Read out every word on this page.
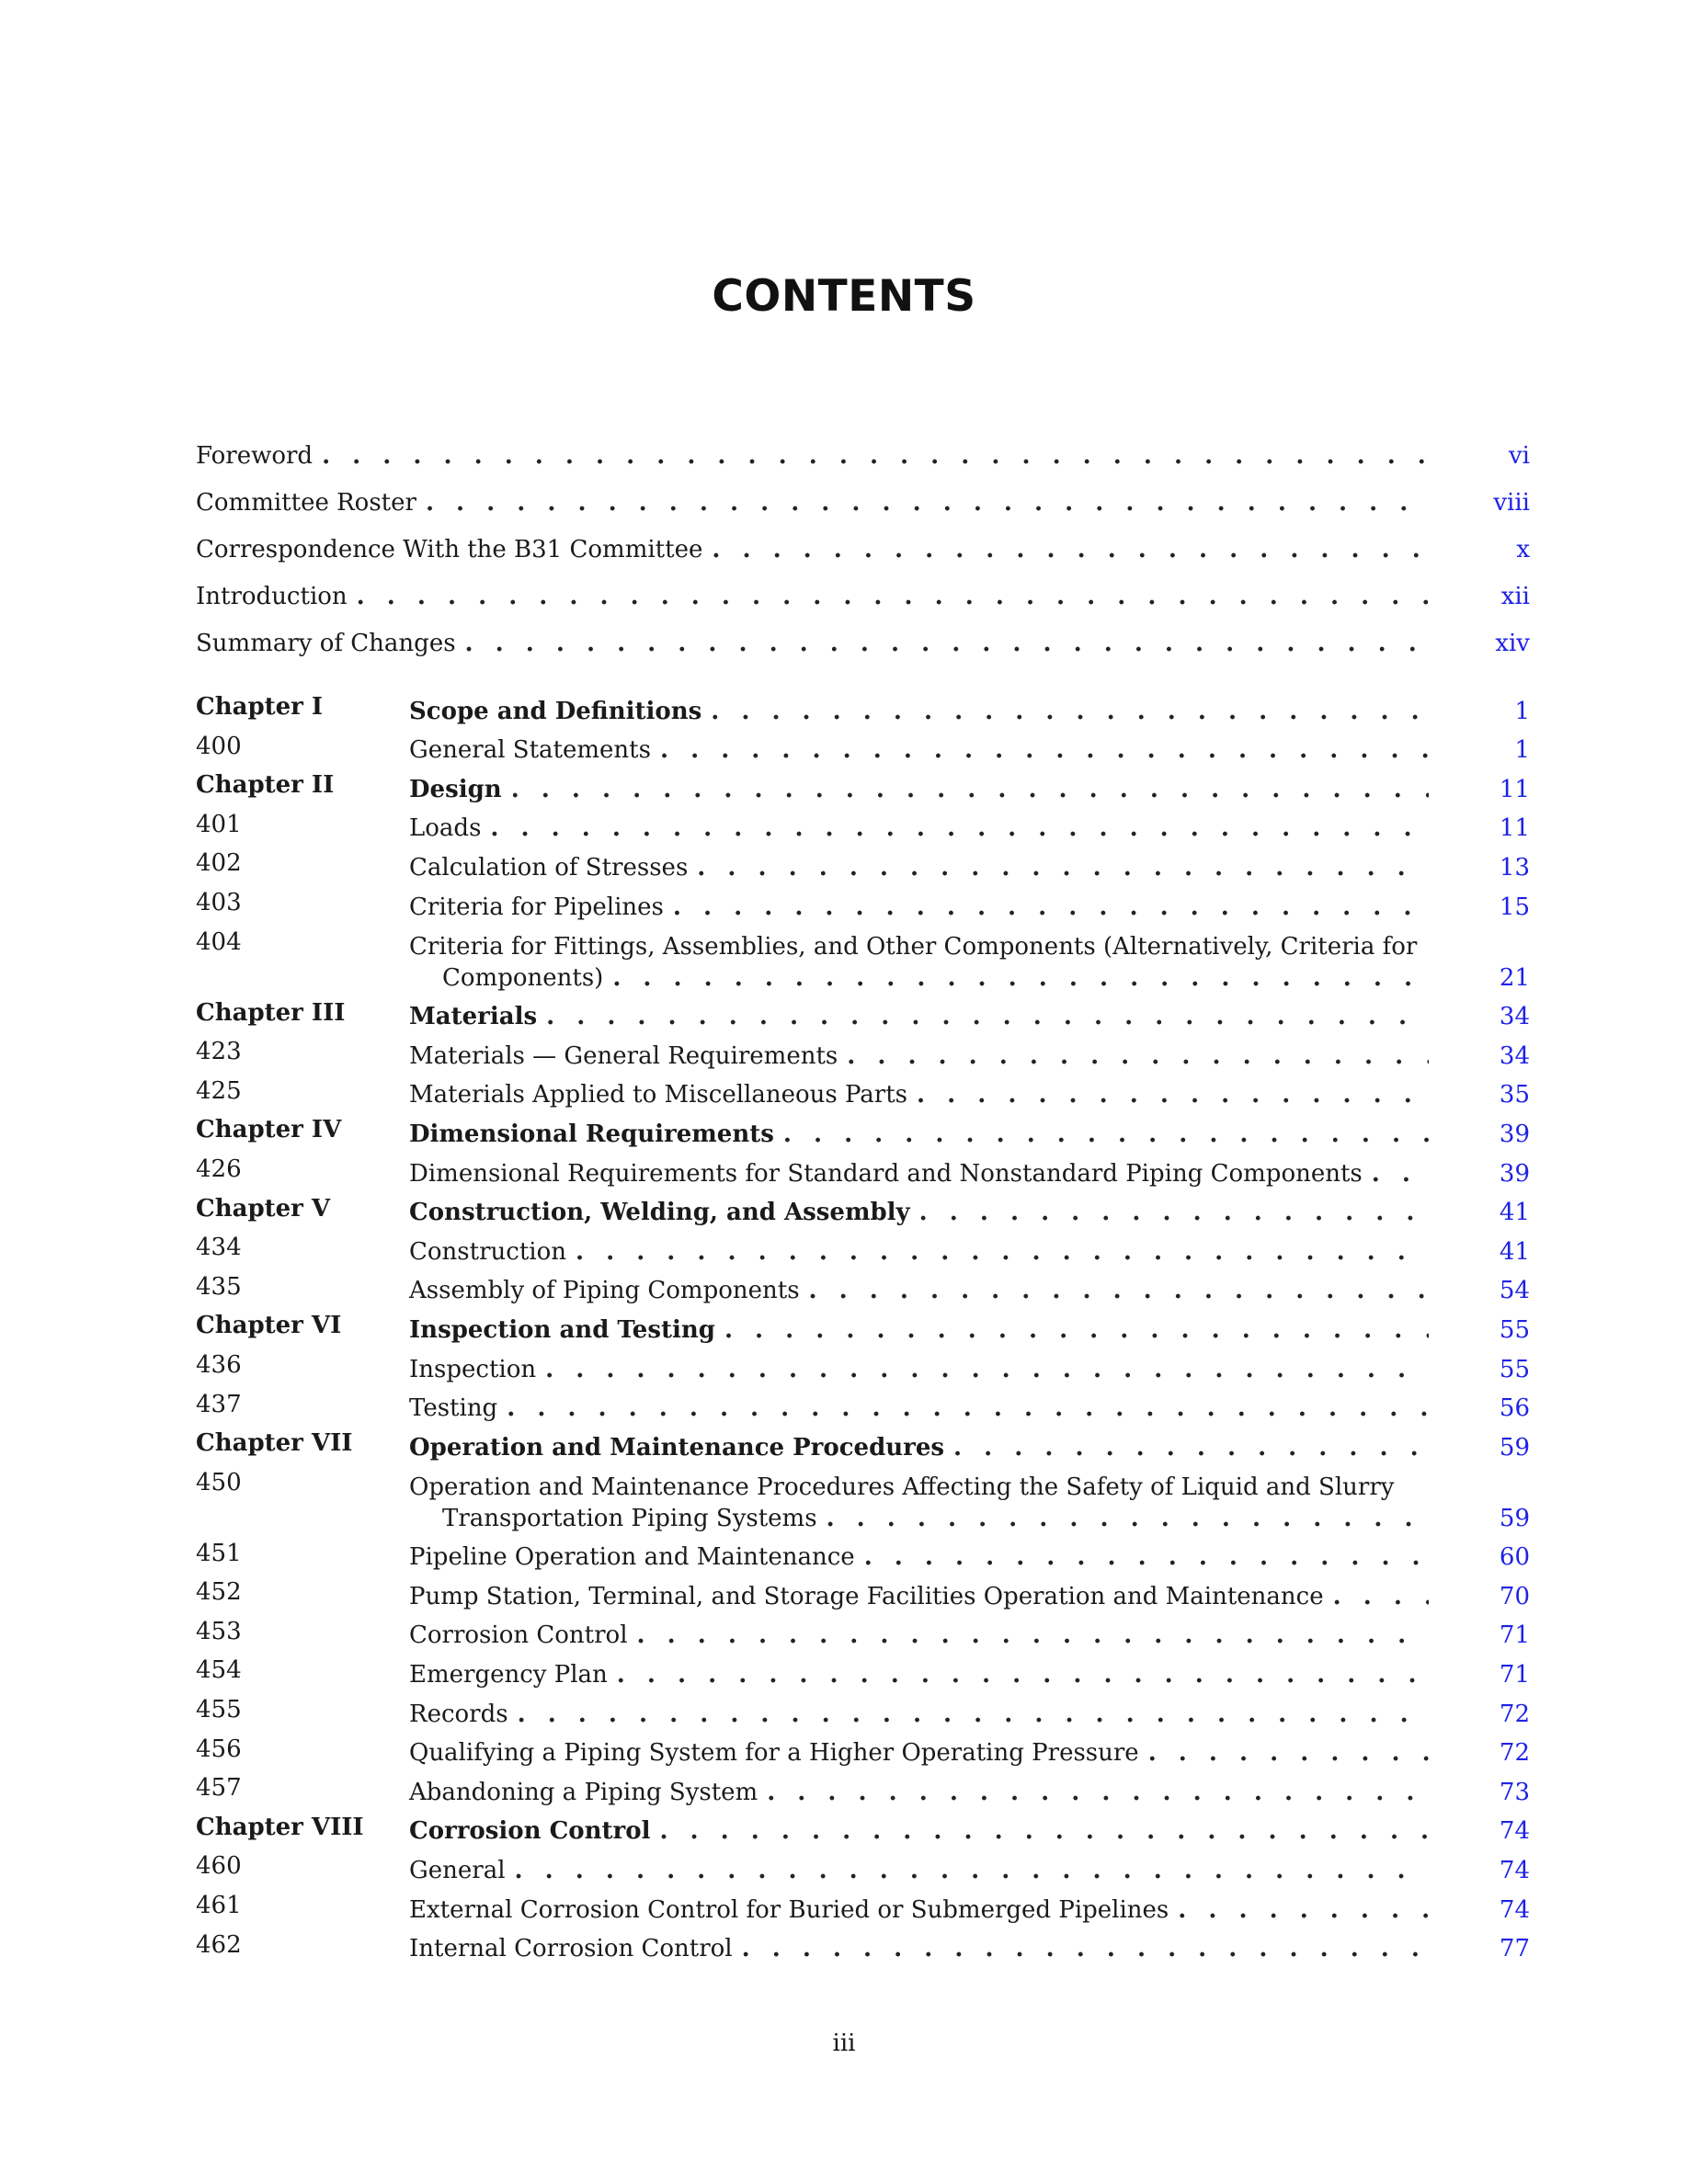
CONTENTS
Foreword . . .	vi
Committee Roster . . .	viii
Correspondence With the B31 Committee . . .	x
Introduction . . .	xii
Summary of Changes . . .	xiv
Chapter I	Scope and Definitions . . .	1
400	General Statements . . .	1
Chapter II	Design . . .	11
401	Loads . . .	11
402	Calculation of Stresses . . .	13
403	Criteria for Pipelines . . .	15
404	Criteria for Fittings, Assemblies, and Other Components (Alternatively, Criteria for
Components) . . .	21
Chapter III	Materials . . .	34
423	Materials — General Requirements . . .	34
425	Materials Applied to Miscellaneous Parts . . .	35
Chapter IV	Dimensional Requirements . . .	39
426	Dimensional Requirements for Standard and Nonstandard Piping Components . . .	39
Chapter V	Construction, Welding, and Assembly . . .	41
434	Construction . . .	41
435	Assembly of Piping Components . . .	54
Chapter VI	Inspection and Testing . . .	55
436	Inspection . . .	55
437	Testing . . .	56
Chapter VII	Operation and Maintenance Procedures . . .	59
450	Operation and Maintenance Procedures Affecting the Safety of Liquid and Slurry
Transportation Piping Systems . . .	59
451	Pipeline Operation and Maintenance . . .	60
452	Pump Station, Terminal, and Storage Facilities Operation and Maintenance . . .	70
453	Corrosion Control . . .	71
454	Emergency Plan . . .	71
455	Records . . .	72
456	Qualifying a Piping System for a Higher Operating Pressure . . .	72
457	Abandoning a Piping System . . .	73
Chapter VIII	Corrosion Control . . .	74
460	General . . .	74
461	External Corrosion Control for Buried or Submerged Pipelines . . .	74
462	Internal Corrosion Control . . .	77
iii
